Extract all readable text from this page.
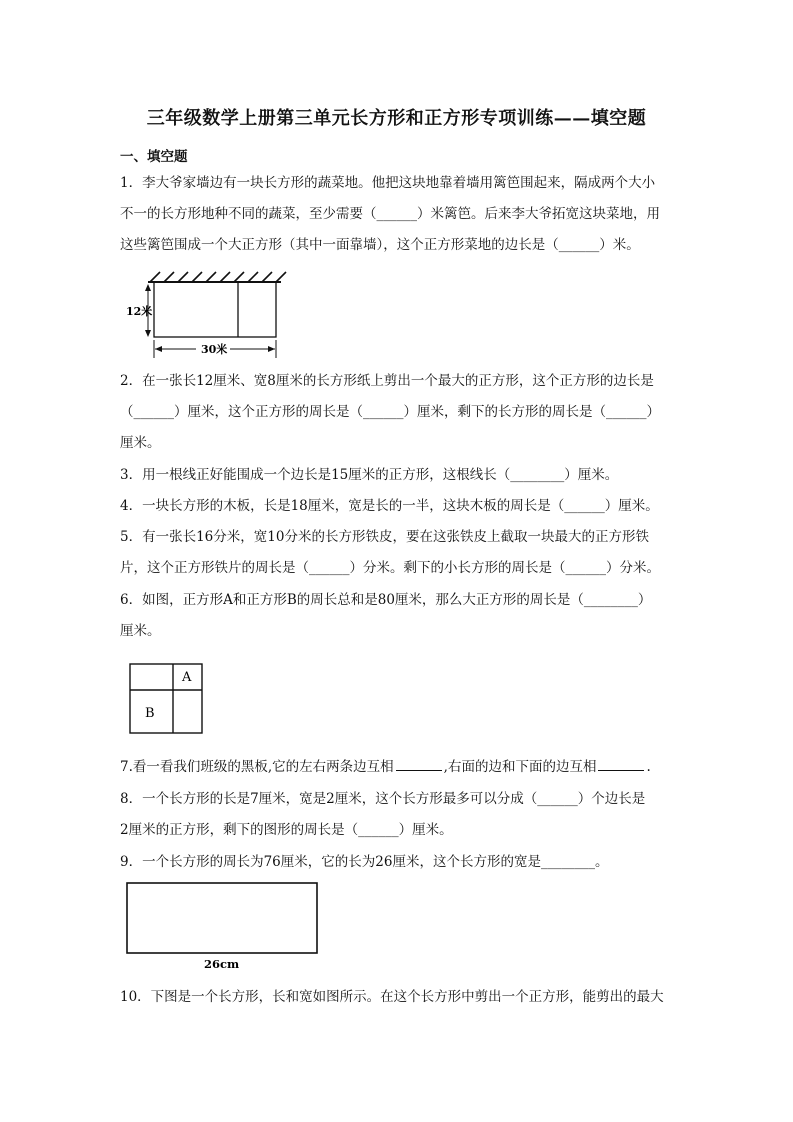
三年级数学上册第三单元长方形和正方形专项训练——填空题
一、填空题
1．李大爷家墙边有一块长方形的蔬菜地。他把这块地靠着墙用篱笆围起来，隔成两个大小
不一的长方形地种不同的蔬菜，至少需要（______）米篱笆。后来李大爷拓宽这块菜地，用
这些篱笆围成一个大正方形（其中一面靠墙），这个正方形菜地的边长是（______）米。
12米
30米
2．在一张长12厘米、宽8厘米的长方形纸上剪出一个最大的正方形，这个正方形的边长是
（______）厘米，这个正方形的周长是（______）厘米，剩下的长方形的周长是（______）
厘米。
3．用一根线正好能围成一个边长是15厘米的正方形，这根线长（________）厘米。
4．一块长方形的木板，长是18厘米，宽是长的一半，这块木板的周长是（______）厘米。
5．有一张长16分米，宽10分米的长方形铁皮，要在这张铁皮上截取一块最大的正方形铁
片，这个正方形铁片的周长是（______）分米。剩下的小长方形的周长是（______）分米。
6．如图，正方形A和正方形B的周长总和是80厘米，那么大正方形的周长是（________）
厘米。
A
B
7.看一看我们班级的黑板,它的左右两条边互相	,右面的边和下面的边互相	.
8．一个长方形的长是7厘米，宽是2厘米，这个长方形最多可以分成（______）个边长是
2厘米的正方形，剩下的图形的周长是（______）厘米。
9．一个长方形的周长为76厘米，它的长为26厘米，这个长方形的宽是________。
26cm
10．下图是一个长方形，长和宽如图所示。在这个长方形中剪出一个正方形，能剪出的最大
